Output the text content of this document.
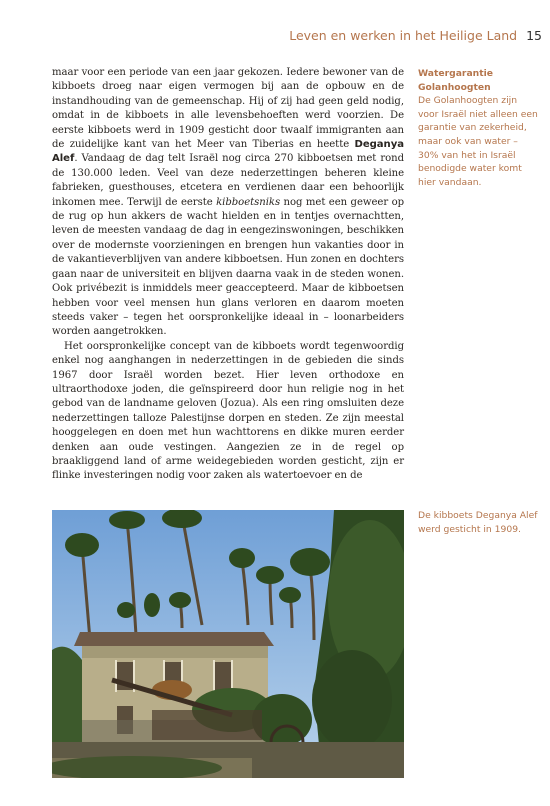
Leven en werken in het Heilige Land 15

maar voor een periode van een jaar gekozen. Iedere bewoner van de kibboets droeg naar eigen vermogen bij aan de opbouw en de instandhouding van de gemeenschap. Hij of zij had geen geld nodig, omdat in de kibboets in alle levensbehoeften werd voorzien. De eerste kibboets werd in 1909 gesticht door twaalf immigranten aan de zuidelijke kant van het Meer van Tiberias en heette Deganya Alef. Vandaag de dag telt Israël nog circa 270 kibboetsen met rond de 130.000 leden. Veel van deze nederzettingen beheren kleine fabrieken, guesthouses, etcetera en verdienen daar een behoorlijk inkomen mee. Terwijl de eerste kibboetsniks nog met een geweer op de rug op hun akkers de wacht hielden en in tentjes overnachtten, leven de meesten vandaag de dag in eengezinswoningen, beschikken over de modernste voorzieningen en brengen hun vakanties door in de vakantieverblijven van andere kibboetsen. Hun zonen en dochters gaan naar de universiteit en blijven daarna vaak in de steden wonen. Ook privébezit is inmiddels meer geaccepteerd. Maar de kibboetsen hebben voor veel mensen hun glans verloren en daarom moeten steeds vaker – tegen het oorspronkelijke ideaal in – loonarbeiders worden aangetrokken.

Het oorspronkelijke concept van de kibboets wordt tegenwoordig enkel nog aanghangen in nederzettingen in de gebieden die sinds 1967 door Israël worden bezet. Hier leven orthodoxe en ultraorthodoxe joden, die geïnspireerd door hun religie nog in het gebod van de landname geloven (Jozua). Als een ring omsluiten deze nederzettingen talloze Palestijnse dorpen en steden. Ze zijn meestal hooggelegen en doen met hun wachttorens en dikke muren eerder denken aan oude vestingen. Aangezien ze in de regel op braakliggend land of arme weidegebieden worden gesticht, zijn er flinke investeringen nodig voor zaken als watertoevoer en de

Watergarantie Golanhoogten
De Golanhoogten zijn voor Israël niet alleen een garantie van zekerheid, maar ook van water – 30% van het in Israël benodigde water komt hier vandaan.
De kibboets Deganya Alef werd gesticht in 1909.
